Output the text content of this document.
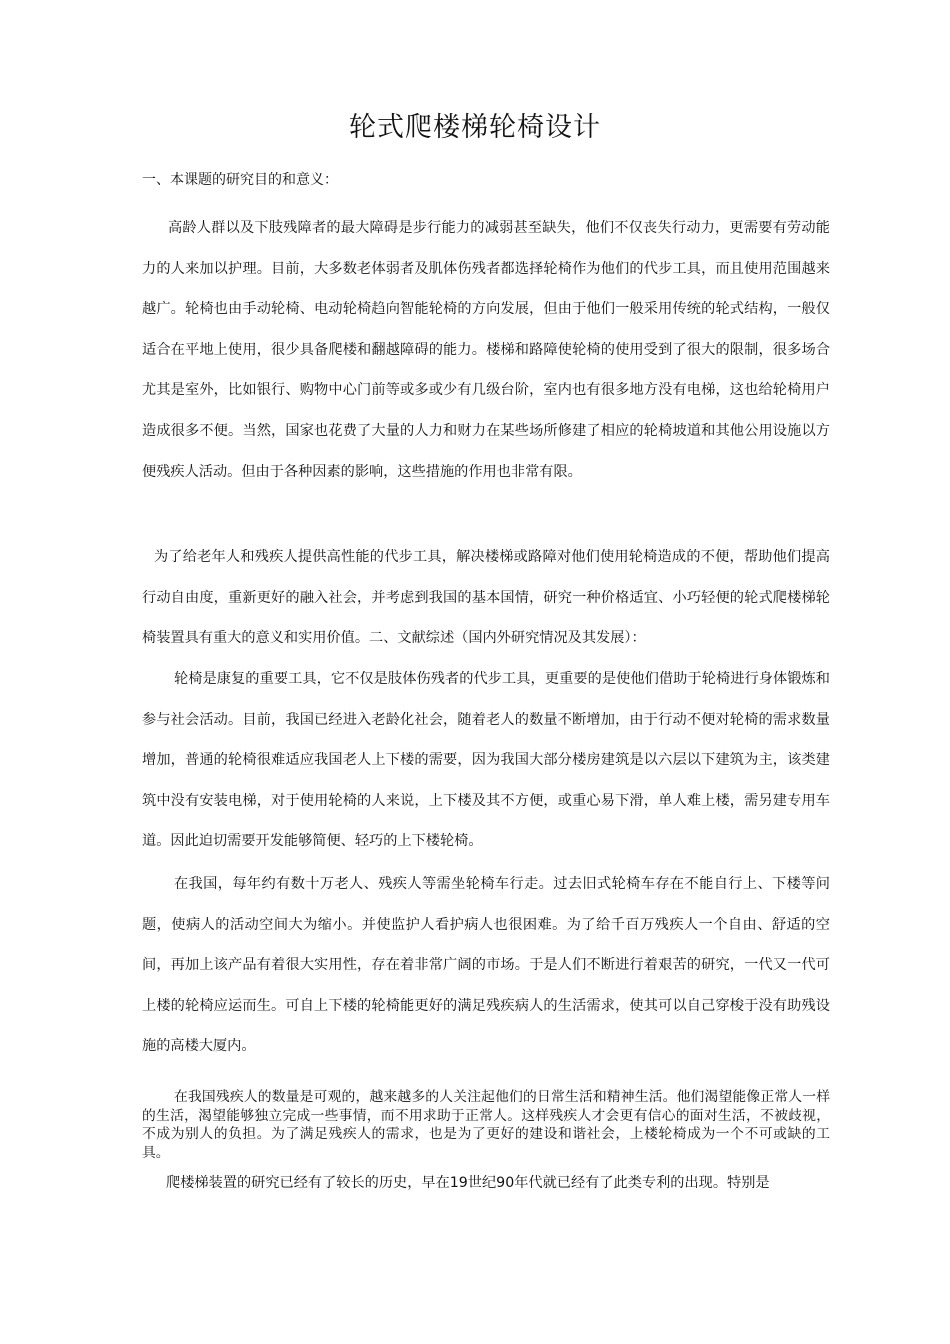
轮式爬楼梯轮椅设计

一、本课题的研究目的和意义：

高龄人群以及下肢残障者的最大障碍是步行能力的减弱甚至缺失，他们不仅丧失行动力，更需要有劳动能力的人来加以护理。目前，大多数老体弱者及肌体伤残者都选择轮椅作为他们的代步工具，而且使用范围越来越广。轮椅也由手动轮椅、电动轮椅趋向智能轮椅的方向发展，但由于他们一般采用传统的轮式结构，一般仅适合在平地上使用，很少具备爬楼和翻越障碍的能力。楼梯和路障使轮椅的使用受到了很大的限制，很多场合尤其是室外，比如银行、购物中心门前等或多或少有几级台阶，室内也有很多地方没有电梯，这也给轮椅用户造成很多不便。当然，国家也花费了大量的人力和财力在某些场所修建了相应的轮椅坡道和其他公用设施以方便残疾人活动。但由于各种因素的影响，这些措施的作用也非常有限。

为了给老年人和残疾人提供高性能的代步工具，解决楼梯或路障对他们使用轮椅造成的不便，帮助他们提高行动自由度，重新更好的融入社会，并考虑到我国的基本国情，研究一种价格适宜、小巧轻便的轮式爬楼梯轮椅装置具有重大的意义和实用价值。二、文献综述（国内外研究情况及其发展）：

轮椅是康复的重要工具，它不仅是肢体伤残者的代步工具，更重要的是使他们借助于轮椅进行身体锻炼和参与社会活动。目前，我国已经进入老龄化社会，随着老人的数量不断增加，由于行动不便对轮椅的需求数量增加，普通的轮椅很难适应我国老人上下楼的需要，因为我国大部分楼房建筑是以六层以下建筑为主，该类建筑中没有安装电梯，对于使用轮椅的人来说，上下楼及其不方便，或重心易下滑，单人难上楼，需另建专用车道。因此迫切需要开发能够简便、轻巧的上下楼轮椅。

在我国，每年约有数十万老人、残疾人等需坐轮椅车行走。过去旧式轮椅车存在不能自行上、下楼等问题，使病人的活动空间大为缩小。并使监护人看护病人也很困难。为了给千百万残疾人一个自由、舒适的空间，再加上该产品有着很大实用性，存在着非常广阔的市场。于是人们不断进行着艰苦的研究，一代又一代可上楼的轮椅应运而生。可自上下楼的轮椅能更好的满足残疾病人的生活需求，使其可以自己穿梭于没有助残设施的高楼大厦内。

在我国残疾人的数量是可观的，越来越多的人关注起他们的日常生活和精神生活。他们渴望能像正常人一样的生活，渴望能够独立完成一些事情，而不用求助于正常人。这样残疾人才会更有信心的面对生活，不被歧视，不成为别人的负担。为了满足残疾人的需求，也是为了更好的建设和谐社会，上楼轮椅成为一个不可或缺的工具。

爬楼梯装置的研究已经有了较长的历史，早在19世纪90年代就已经有了此类专利的出现。特别是
